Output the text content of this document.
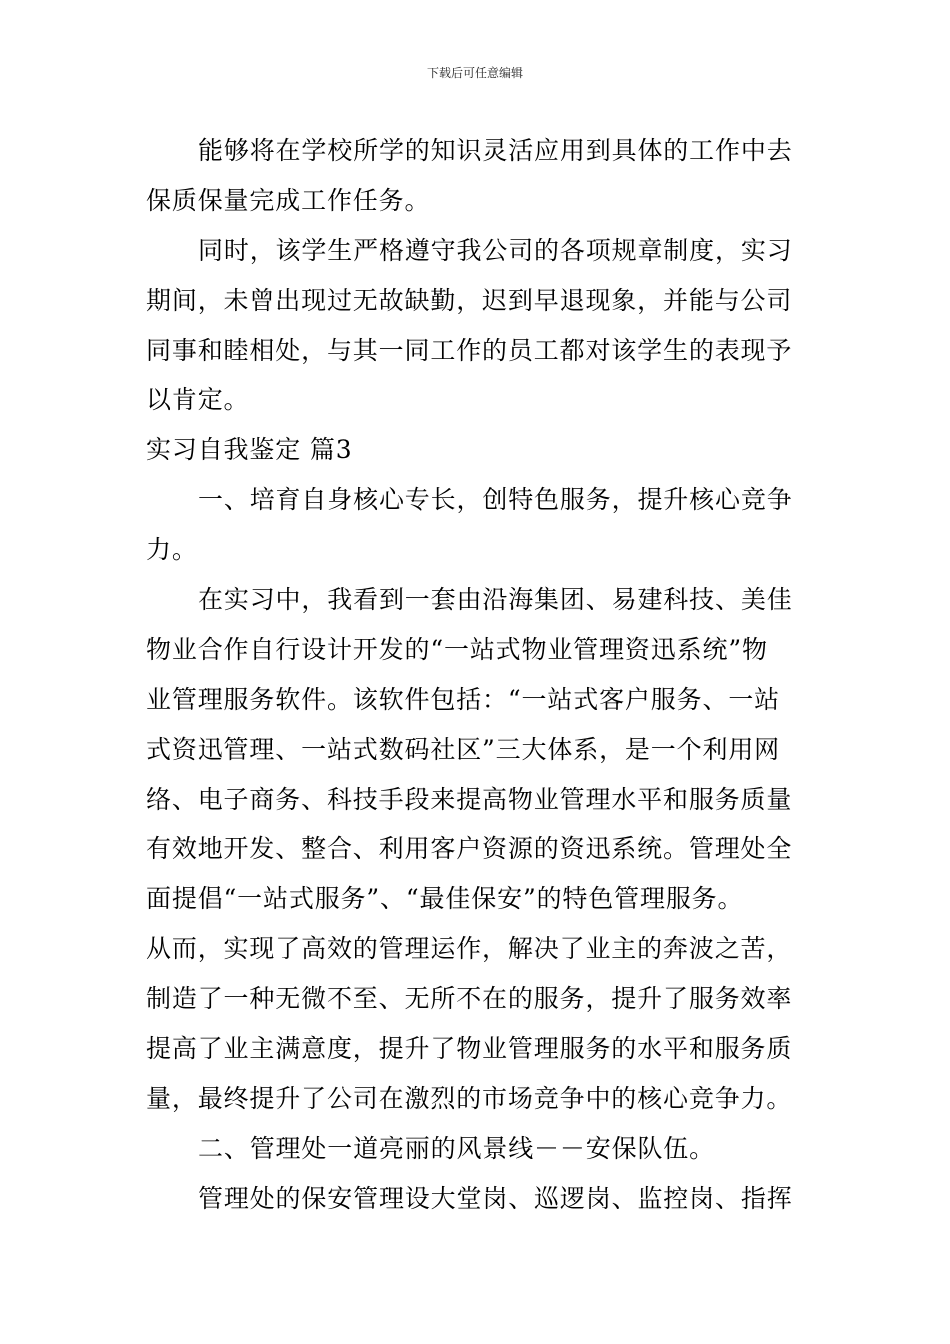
下载后可任意编辑
能够将在学校所学的知识灵活应用到具体的工作中去
保质保量完成工作任务。
同时，该学生严格遵守我公司的各项规章制度，实习
期间，未曾出现过无故缺勤，迟到早退现象，并能与公司
同事和睦相处，与其一同工作的员工都对该学生的表现予
以肯定。
实习自我鉴定 篇3
一、培育自身核心专长，创特色服务，提升核心竞争
力。
在实习中，我看到一套由沿海集团、易建科技、美佳
物业合作自行设计开发的“一站式物业管理资迅系统”物
业管理服务软件。该软件包括：“一站式客户服务、一站
式资迅管理、一站式数码社区”三大体系，是一个利用网
络、电子商务、科技手段来提高物业管理水平和服务质量
有效地开发、整合、利用客户资源的资迅系统。管理处全
面提倡“一站式服务”、“最佳保安”的特色管理服务。
从而，实现了高效的管理运作，解决了业主的奔波之苦，
制造了一种无微不至、无所不在的服务，提升了服务效率
提高了业主满意度，提升了物业管理服务的水平和服务质
量，最终提升了公司在激烈的市场竞争中的核心竞争力。
二、管理处一道亮丽的风景线－－安保队伍。
管理处的保安管理设大堂岗、巡逻岗、监控岗、指挥
